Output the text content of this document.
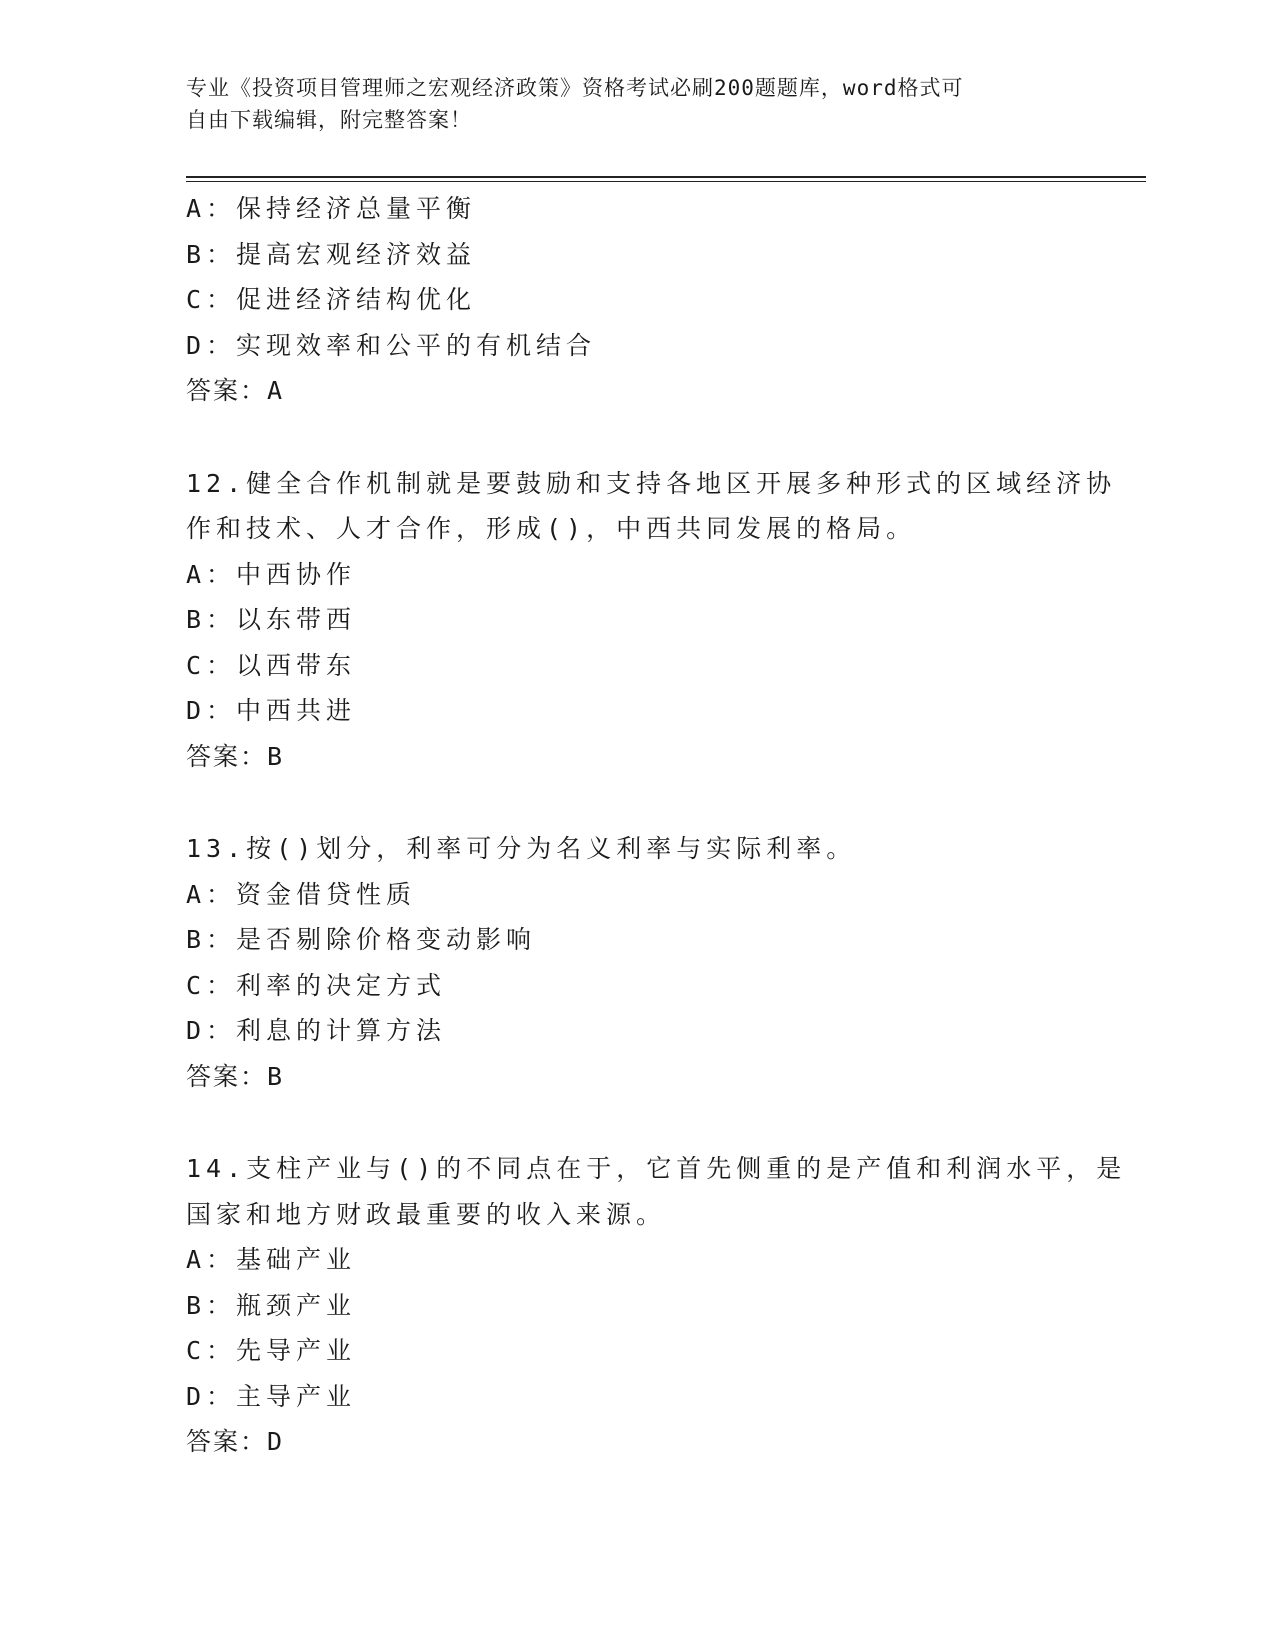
专业《投资项目管理师之宏观经济政策》资格考试必刷200题题库，word格式可
自由下载编辑，附完整答案！
A：保持经济总量平衡
B：提高宏观经济效益
C：促进经济结构优化
D：实现效率和公平的有机结合
答案：A
12.健全合作机制就是要鼓励和支持各地区开展多种形式的区域经济协
作和技术、人才合作，形成()，中西共同发展的格局。
A：中西协作
B：以东带西
C：以西带东
D：中西共进
答案：B
13.按()划分，利率可分为名义利率与实际利率。
A：资金借贷性质
B：是否剔除价格变动影响
C：利率的决定方式
D：利息的计算方法
答案：B
14.支柱产业与()的不同点在于，它首先侧重的是产值和利润水平，是
国家和地方财政最重要的收入来源。
A：基础产业
B：瓶颈产业
C：先导产业
D：主导产业
答案：D
